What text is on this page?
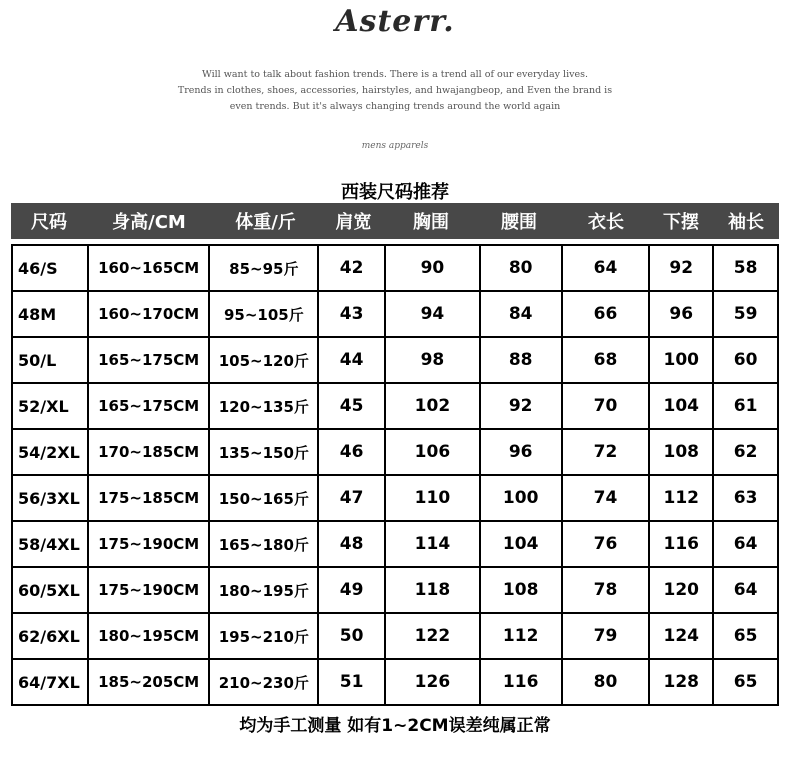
Asterr.
Will want to talk about fashion trends. There is a trend all of our everyday lives.
Trends in clothes, shoes, accessories, hairstyles, and hwajangbeop, and Even the brand is
even trends. But it's always changing trends around the world again
mens apparels
西装尺码推荐
尺码	身高/CM	体重/斤	肩宽	胸围	腰围	衣长	下摆	袖长
46/S	160~165CM	85~95斤	42	90	80	64	92	58
48M	160~170CM	95~105斤	43	94	84	66	96	59
50/L	165~175CM	105~120斤	44	98	88	68	100	60
52/XL	165~175CM	120~135斤	45	102	92	70	104	61
54/2XL	170~185CM	135~150斤	46	106	96	72	108	62
56/3XL	175~185CM	150~165斤	47	110	100	74	112	63
58/4XL	175~190CM	165~180斤	48	114	104	76	116	64
60/5XL	175~190CM	180~195斤	49	118	108	78	120	64
62/6XL	180~195CM	195~210斤	50	122	112	79	124	65
64/7XL	185~205CM	210~230斤	51	126	116	80	128	65
均为手工测量 如有1~2CM误差纯属正常
